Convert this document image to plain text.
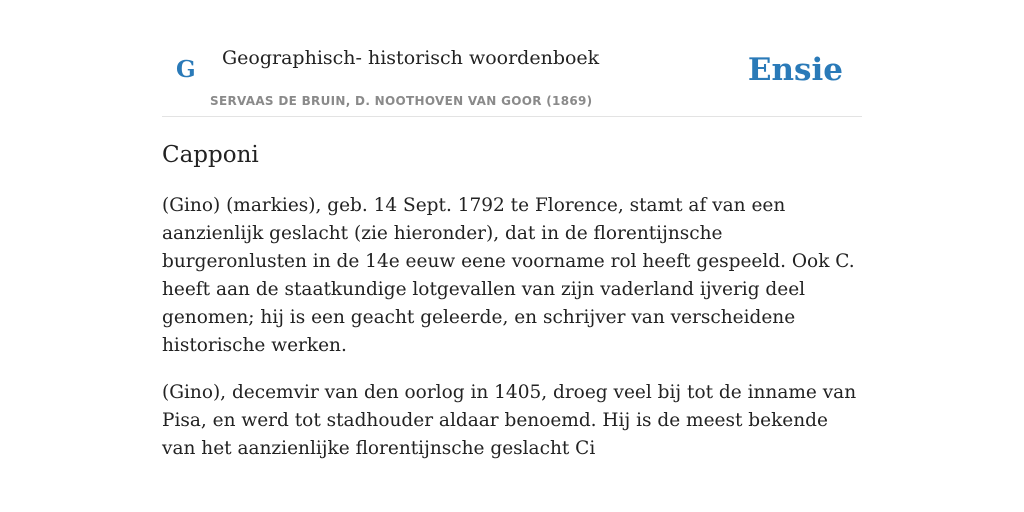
G Geographisch- historisch woordenboek
SERVAAS DE BRUIN, D. NOOTHOVEN VAN GOOR (1869)
Ensie
Capponi

(Gino) (markies), geb. 14 Sept. 1792 te Florence, stamt af van een aanzienlijk geslacht (zie hieronder), dat in de florentijnsche burgeronlusten in de 14e eeuw eene voorname rol heeft gespeeld. Ook C. heeft aan de staatkundige lotgevallen van zijn vaderland ijverig deel genomen; hij is een geacht geleerde, en schrijver van verscheidene historische werken.

(Gino), decemvir van den oorlog in 1405, droeg veel bij tot de inname van Pisa, en werd tot stadhouder aldaar benoemd. Hij is de meest bekende van het aanzienlijke florentijnsche geslacht Ci
